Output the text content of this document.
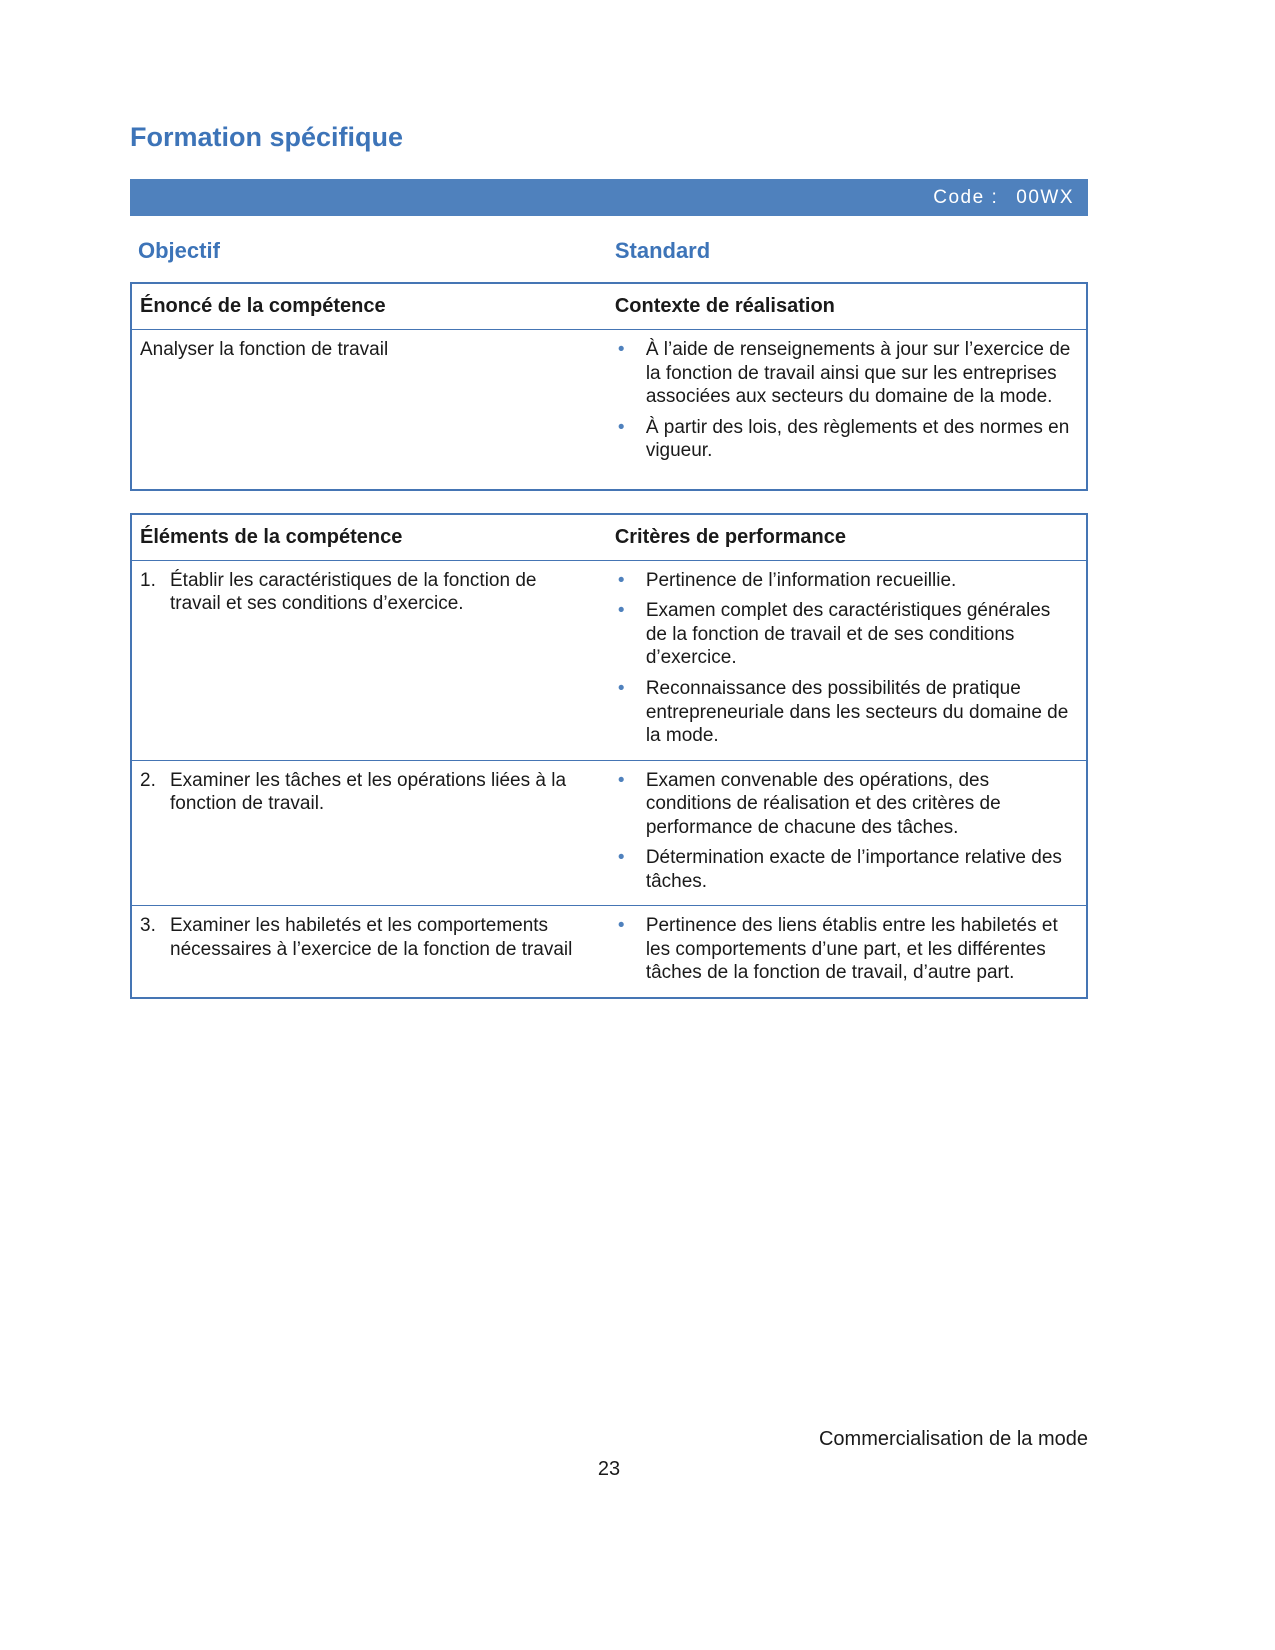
Formation spécifique
Code : 00WX
Objectif	Standard
Énoncé de la compétence	Contexte de réalisation
Analyser la fonction de travail	•	À l’aide de renseignements à jour sur l’exercice de la fonction de travail ainsi que sur les entreprises associées aux secteurs du domaine de la mode.
•	À partir des lois, des règlements et des normes en vigueur.
Éléments de la compétence	Critères de performance
1. Établir les caractéristiques de la fonction de travail et ses conditions d’exercice.
•	Pertinence de l’information recueillie.
•	Examen complet des caractéristiques générales de la fonction de travail et de ses conditions d’exercice.
•	Reconnaissance des possibilités de pratique entrepreneuriale dans les secteurs du domaine de la mode.
2. Examiner les tâches et les opérations liées à la fonction de travail.
•	Examen convenable des opérations, des conditions de réalisation et des critères de performance de chacune des tâches.
•	Détermination exacte de l’importance relative des tâches.
3. Examiner les habiletés et les comportements nécessaires à l’exercice de la fonction de travail
•	Pertinence des liens établis entre les habiletés et les comportements d’une part, et les différentes tâches de la fonction de travail, d’autre part.
Commercialisation de la mode
23
